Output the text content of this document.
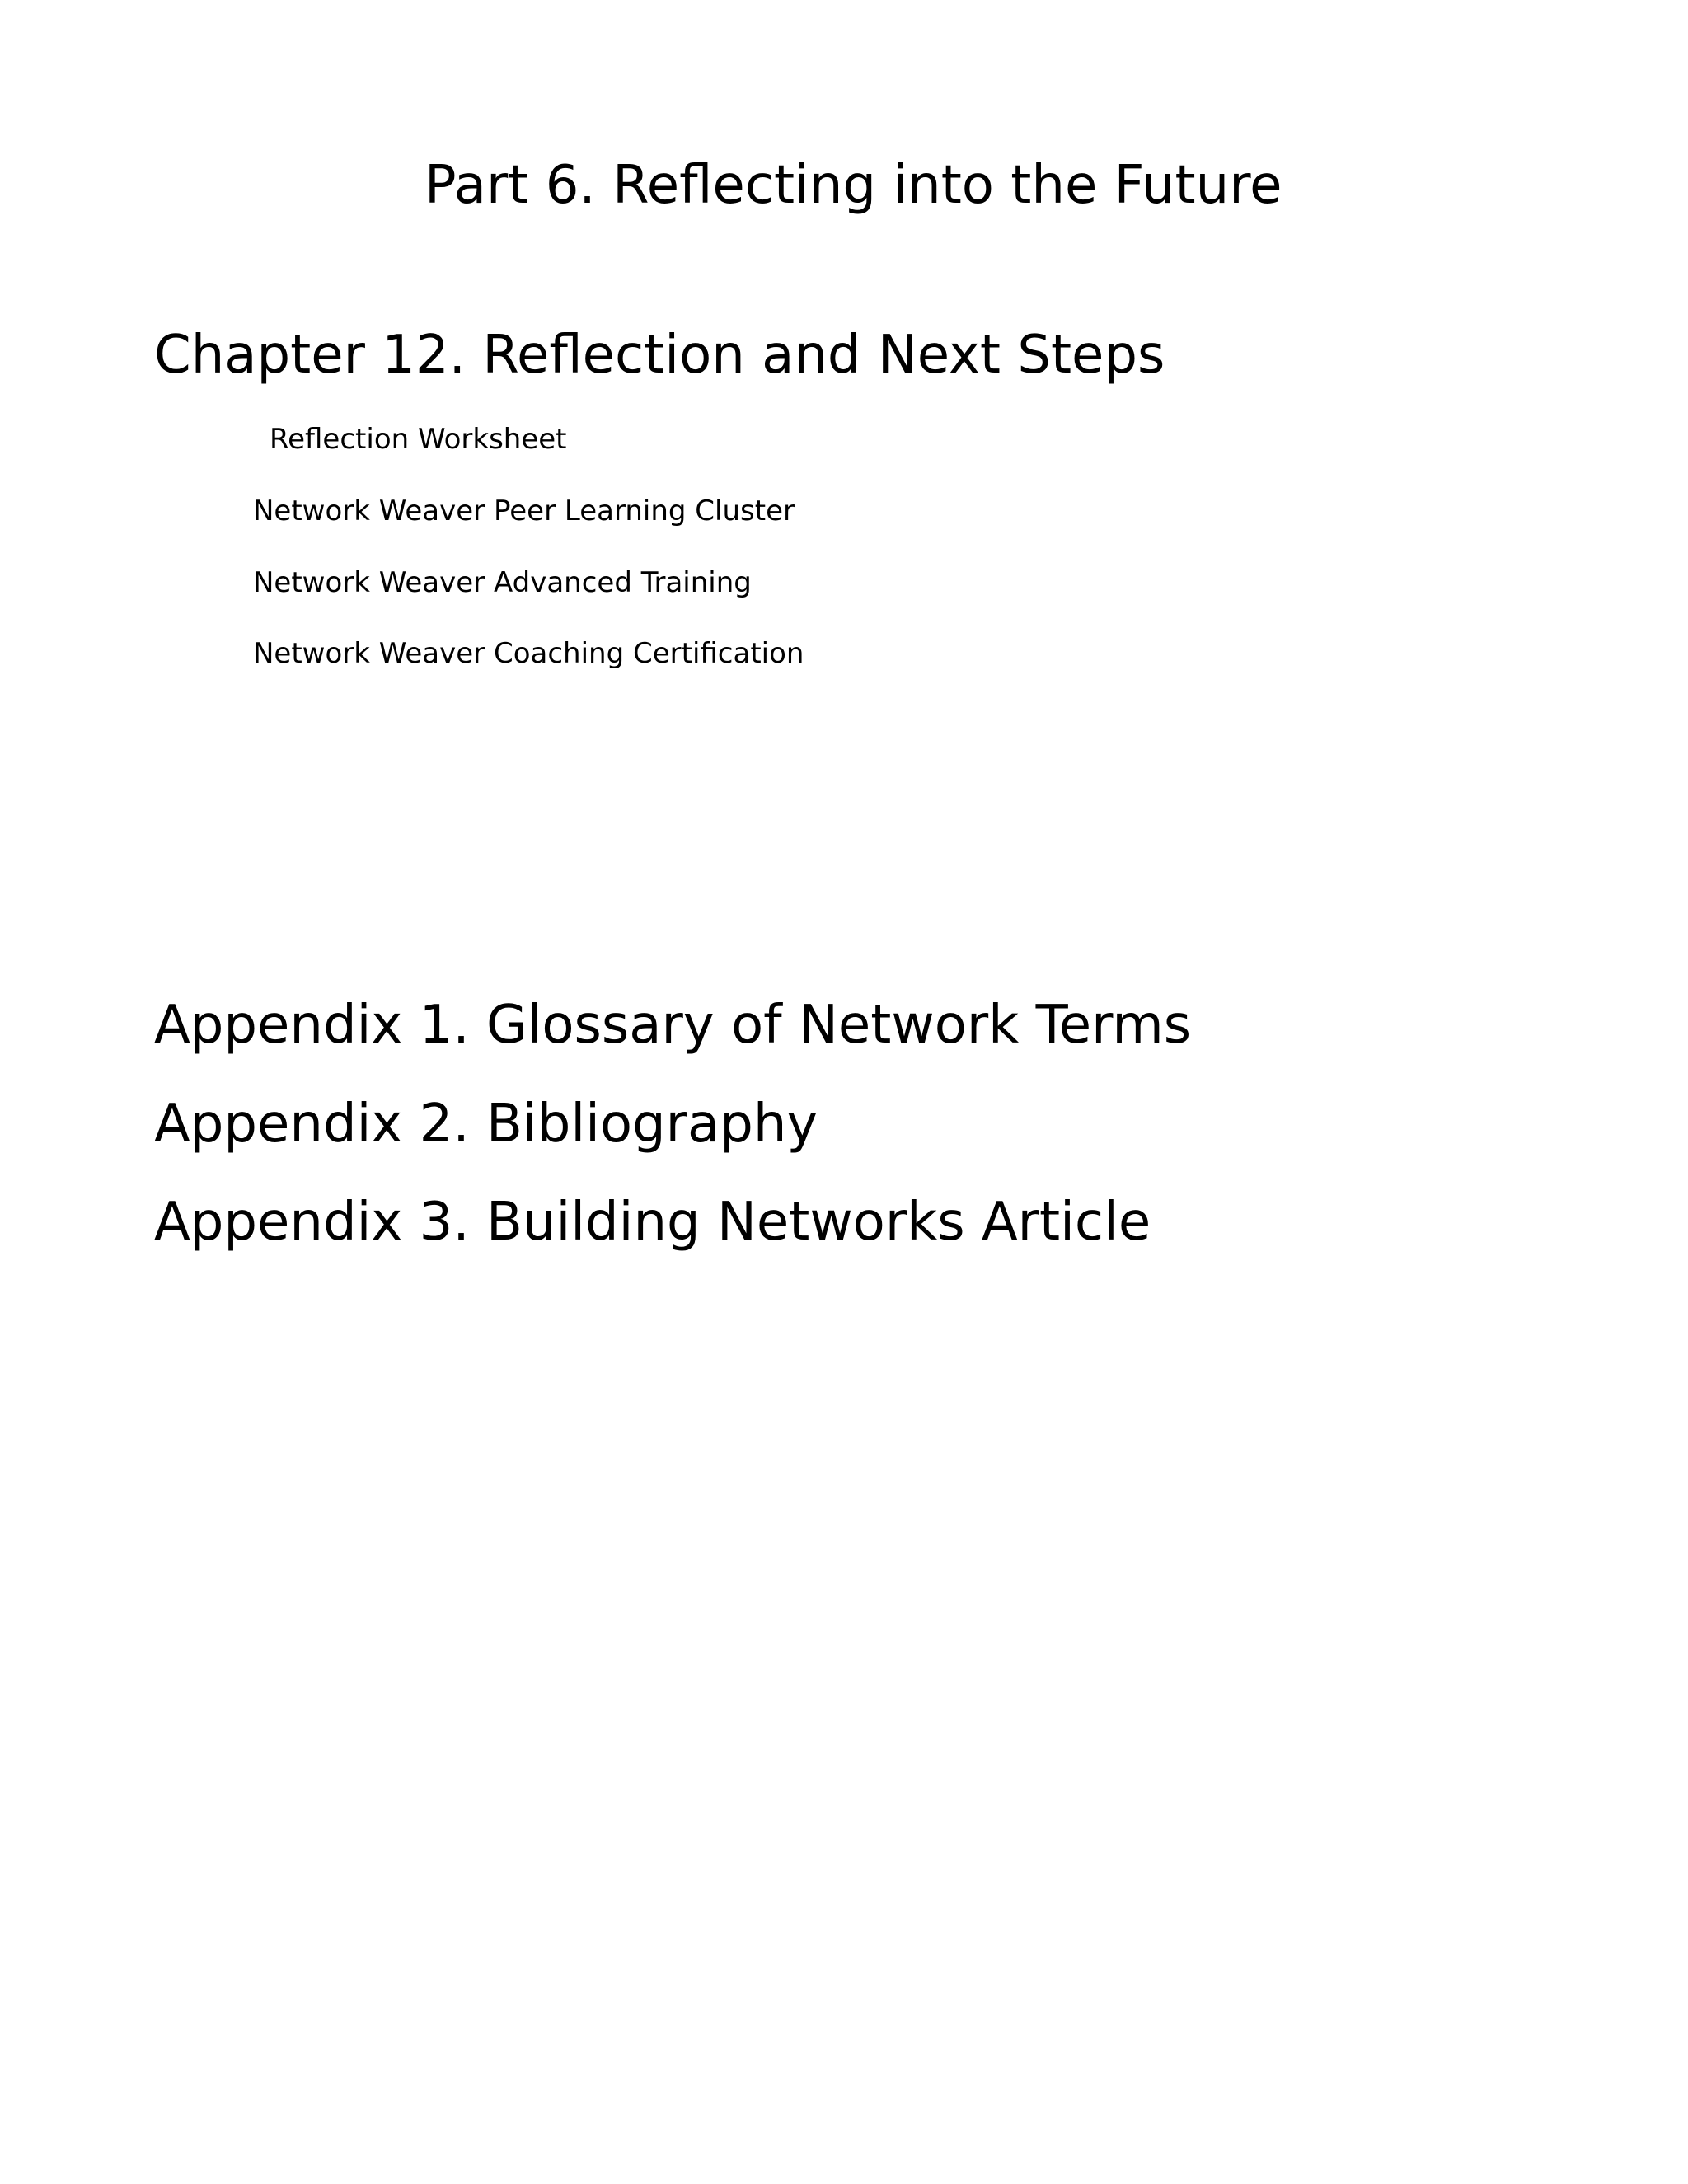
Part 6. Reflecting into the Future
Chapter 12. Reflection and Next Steps
Reflection Worksheet
Network Weaver Peer Learning Cluster
Network Weaver Advanced Training
Network Weaver Coaching Certification
Appendix 1. Glossary of Network Terms
Appendix 2. Bibliography
Appendix 3. Building Networks Article
